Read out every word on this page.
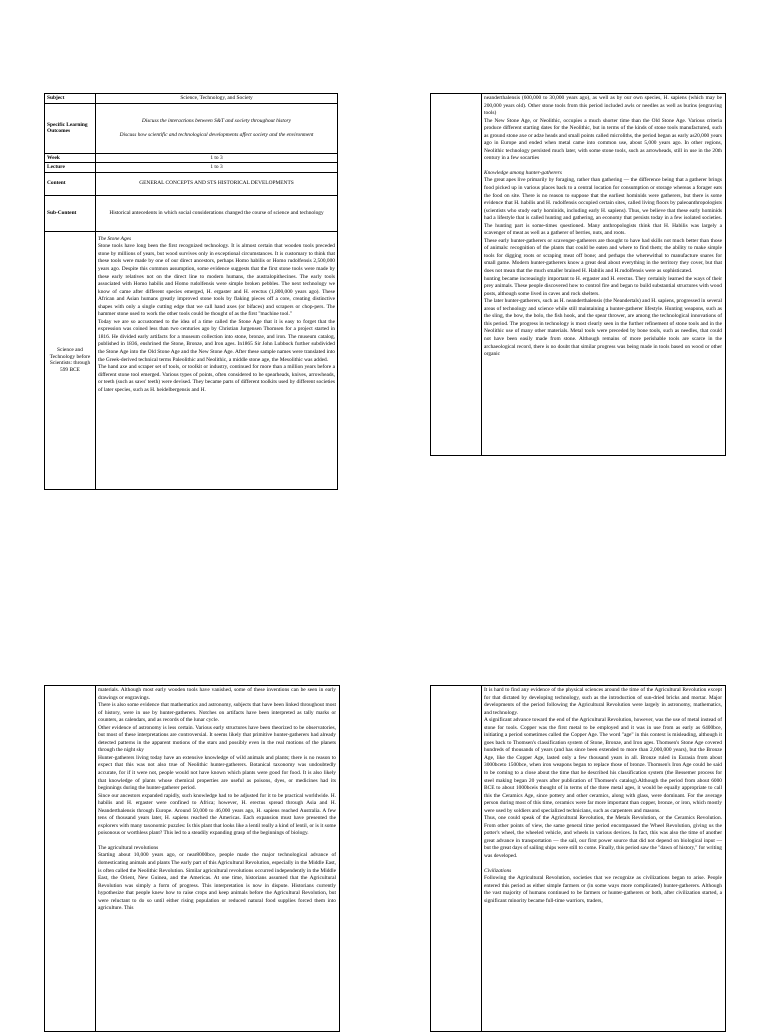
Subject	Science, Technology, and Society
Specific Learning Outcomes	Discuss the interactions between S&T and society throughout history

Discuss how scientific and technological developments affect society and the environment

Week	1 to 3
Lecture	1 to 3
Content	GENERAL CONCEPTS AND STS HISTORICAL DEVELOPMENTS
Sub-Content	Historical antecedents in which social considerations changed the course of science and technology
Science and Technology before Scientists: through 599 BCE	The Stone Ages

Stone tools have long been the first recognized technology. It is almost certain that wooden tools preceded stone by millions of years, but wood survives only in exceptional circumstances. It is customary to think that these tools were made by one of our direct ancestors, perhaps Homo habilis or Homo rudolfensis 2,500,000 years ago. Despite this common assumption, some evidence suggests that the first stone tools were made by these early relatives not on the direct line to modern humans, the australopithecines. The early tools associated with Homo habilis and Homo rudolfensis were simple broken pebbles. The next technology we know of came after different species emerged, H. ergaster and H. erectus (1,800,000 years ago). These African and Asian humans greatly improved stone tools by flaking pieces off a core, creating distinctive shapes with only a single cutting edge that we call hand axes (or bifaces) and scrapers or chop-pers. The hammer stone used to work the other tools could be thought of as the first "machine tool."

Today we are so accustomed to the idea of a time called the Stone Age that it is easy to forget that the expression was coined less than two centuries ago by Christian Jurgensen Thomsen for a project started in 1816. He divided early artifacts for a museum collection into stone, bronze, and iron. The museum catalog, published in 1836, enshrined the Stone, Bronze, and Iron ages. In1865 Sir John Lubbock further subdivided the Stone Age into the Old Stone Age and the New Stone Age. After these sample names were translated into the Greek-derived technical terms Paleolithic and Neolithic, a middle stone age, the Mesolithic was added.

The hand axe and scraper set of tools, or toolkit or industry, continued for more than a million years before a different stone tool emerged. Various types of points, often considered to be spearheads, knives, arrowheads, or teeth (such as saws' teeth) were devised. They became parts of different toolkits used by different societies of later species, such as H. heidelbergensis and H.

neanderthalensis (600,000 to 30,000 years ago), as well as by our own species, H. sapiens (which may be 200,000 years old). Other stone tools from this period included awls or needles as well as burins (engraving tools)

The New Stone Age, or Neolithic, occupies a much shorter time than the Old Stone Age. Various criteria produce different starting dates for the Neolithic, but in terms of the kinds of stone tools manufactured, such as ground stone axe or adze heads and small points called microliths, the period began as early as20,000 years ago in Europe and ended when metal came into common use, about 5,000 years ago. In other regions, Neolithic technology persisted much later, with some stone tools, such as arrowheads, still in use in the 20th century in a few socarties

Knowledge among hunter-gatherers

The great apes live primarily by foraging, rather than gathering — the difference being that a gatherer brings food picked up in various places back to a central location for consumption or storage whereas a forager eats the food on site. There is no reason to suppose that the earliest hominids were gatherers, but there is some evidence that H. habilis and H. rudolfensis occupied certain sites, called living floors by paleoanthropologists (scientists who study early hominids, including early H. sapiens). Thus, we believe that these early hominids had a lifestyle that is called hunting and gathering, an economy that persists today in a few isolated societies. The hunting part is some-times questioned. Many anthropologists think that H. Habilis was largely a scavenger of meat as well as a gatherer of berries, nuts, and roots.

These early hunter-gatherers or scavenger-gatherers are thought to have had skills not much better than those of animals: recognition of the plants that could be eaten and where to find them; the ability to make simple tools for digging roots or scraping meat off bone; and perhaps the wherewithal to manufacture snares for small game. Modern hunter-gatherers know a great deal about everything in the territory they cover, but that does not mean that the much smaller brained H. Habilis and H.rudolfensis were as sophisticated.

hunting became increasingly important to H. ergaster and H. erectus. They certainly learned the ways of their prey animals. These people discovered how to control fire and began to build substantial structures with wood posts, although some lived in caves and rock shelters.

The later hunter-gatherers, such as H. neanderthalensis (the Neandertals) and H. sapiens, progressed in several areas of technology and science while still maintaining a hunter-gatherer lifestyle. Hunting weapons, such as the sling, the bow, the bolo, the fish hook, and the spear thrower, are among the technological innovations of this period. The progress in technology is most clearly seen in the further refinement of stone tools and in the Neolithic use of many other materials. Metal tools were preceded by bone tools, such as needles, that could not have been easily made from stone. Although remains of more perishable tools are scarce in the archaeological record, there is no doubt that similar progress was being made in tools based on wood or other organic

materials. Although most early wooden tools have vanished, some of these inventions can be seen in early drawings or engravings.

There is also some evidence that mathematics and astronomy, subjects that have been linked throughout most of history, were in use by hunter-gatherers. Notches on artifacts have been interpreted as tally marks or counters, as calendars, and as records of the lunar cycle.

Other evidence of astronomy is less certain. Various early structures have been theorized to be observatories, but most of these interpretations are controversial. It seems likely that primitive hunter-gatherers had already detected patterns in the apparent motions of the stars and possibly even in the real motions of the planets through the night sky

Hunter-gatherers living today have an extensive knowledge of wild animals and plants; there is no reason to expect that this was not also true of Neolithic hunter-gatherers. Botanical taxonomy was undoubtedly accurate, for if it were not, people would not have known which plants were good for food. It is also likely that knowledge of plants whose chemical properties are useful as poisons, dyes, or medicines had its beginnings during the hunter-gatherer period.

Since our ancestors expanded rapidly, such knowledge had to be adjusted for it to be practical worldwide. H. habilis and H. ergaster were confined to Africa; however, H. erectus spread through Asia and H. Neanderthalensis through Europe. Around 50,000 to 46,000 years ago, H. sapiens reached Australia. A few tens of thousand years later, H. sapiens reached the Americas. Each expansion must have presented the explorers with many taxonomic puzzles: Is this plant that looks like a lentil really a kind of lentil, or is it some poisonous or worthless plant? This led to a steadily expanding grasp of the beginnings of biology.

The agricultural revolutions

Starting about 10,000 years ago, or near8000bce, people made the major technological advance of domesticating animals and plants The early part of this Agricultural Revolution, especially in the Middle East, is often called the Neolithic Revolution. Similar agricultural revolutions occurred independently in the Middle East, the Orient, New Guinea, and the Americas. At one time, historians assumed that the Agricultural Revolution was simply a form of progress. This interpretation is now in dispute. Historians currently hypothesize that people knew how to raise crops and keep animals before the Agricultural Revolution, but were reluctant to do so until either rising population or reduced natural food supplies forced them into agriculture. This

It is hard to find any evidence of the physical sciences around the time of the Agricultural Revolution except for that dictated by developing technology, such as the introduction of sun-dried bricks and mortar. Major developments of the period following the Agricultural Revolution were largely in astronomy, mathematics, and technology.

A significant advance toward the end of the Agricultural Revolution, however, was the use of metal instead of stone for tools. Copper was the first metal to be employed and it was in use from as early as 6400bce, initiating a period sometimes called the Copper Age. The word "age" in this context is misleading, although it goes back to Thomsen's classification system of Stone, Bronze, and Iron ages. Thomsen's Stone Age covered hundreds of thousands of years (and has since been extended to more than 2,000,000 years), but the Bronze Age, like the Copper Age, lasted only a few thousand years in all. Bronze ruled in Eurasia from about 3000bceto 1500bce, when iron weapons began to replace those of bronze. Thomsen's Iron Age could be said to be coming to a close about the time that he described his classification system (the Bessemer process for steel making began 20 years after publication of Thomsen's catalog).Although the period from about 6000 BCE to about 1000bceis thought of in terms of the three metal ages, it would be equally appropriate to call this the Ceramics Age, since pottery and other ceramics, along with glass, were dominant. For the average person during most of this time, ceramics were far more important than copper, bronze, or iron, which mostly were used by soldiers and specialized technicians, such as carpenters and masons.

Thus, one could speak of the Agricultural Revolution, the Metals Revolution, or the Ceramics Revolution. From other points of view, the same general time period encompassed the Wheel Revolution, giving us the potter's wheel, the wheeled vehicle, and wheels in various devices. In fact, this was also the time of another great advance in transportation — the sail, our first power source that did not depend on biological input — but the great days of sailing ships were still to come. Finally, this period saw the "dawn of history," for writing was developed.

Civilizations

Following the Agricultural Revolution, societies that we recognize as civilizations began to arise. People entered this period as either simple farmers or (in some ways more complicated) hunter-gatherers. Although the vast majority of humans continued to be farmers or hunter-gatherers or both, after civilization started, a significant minority became full-time warriors, traders,
